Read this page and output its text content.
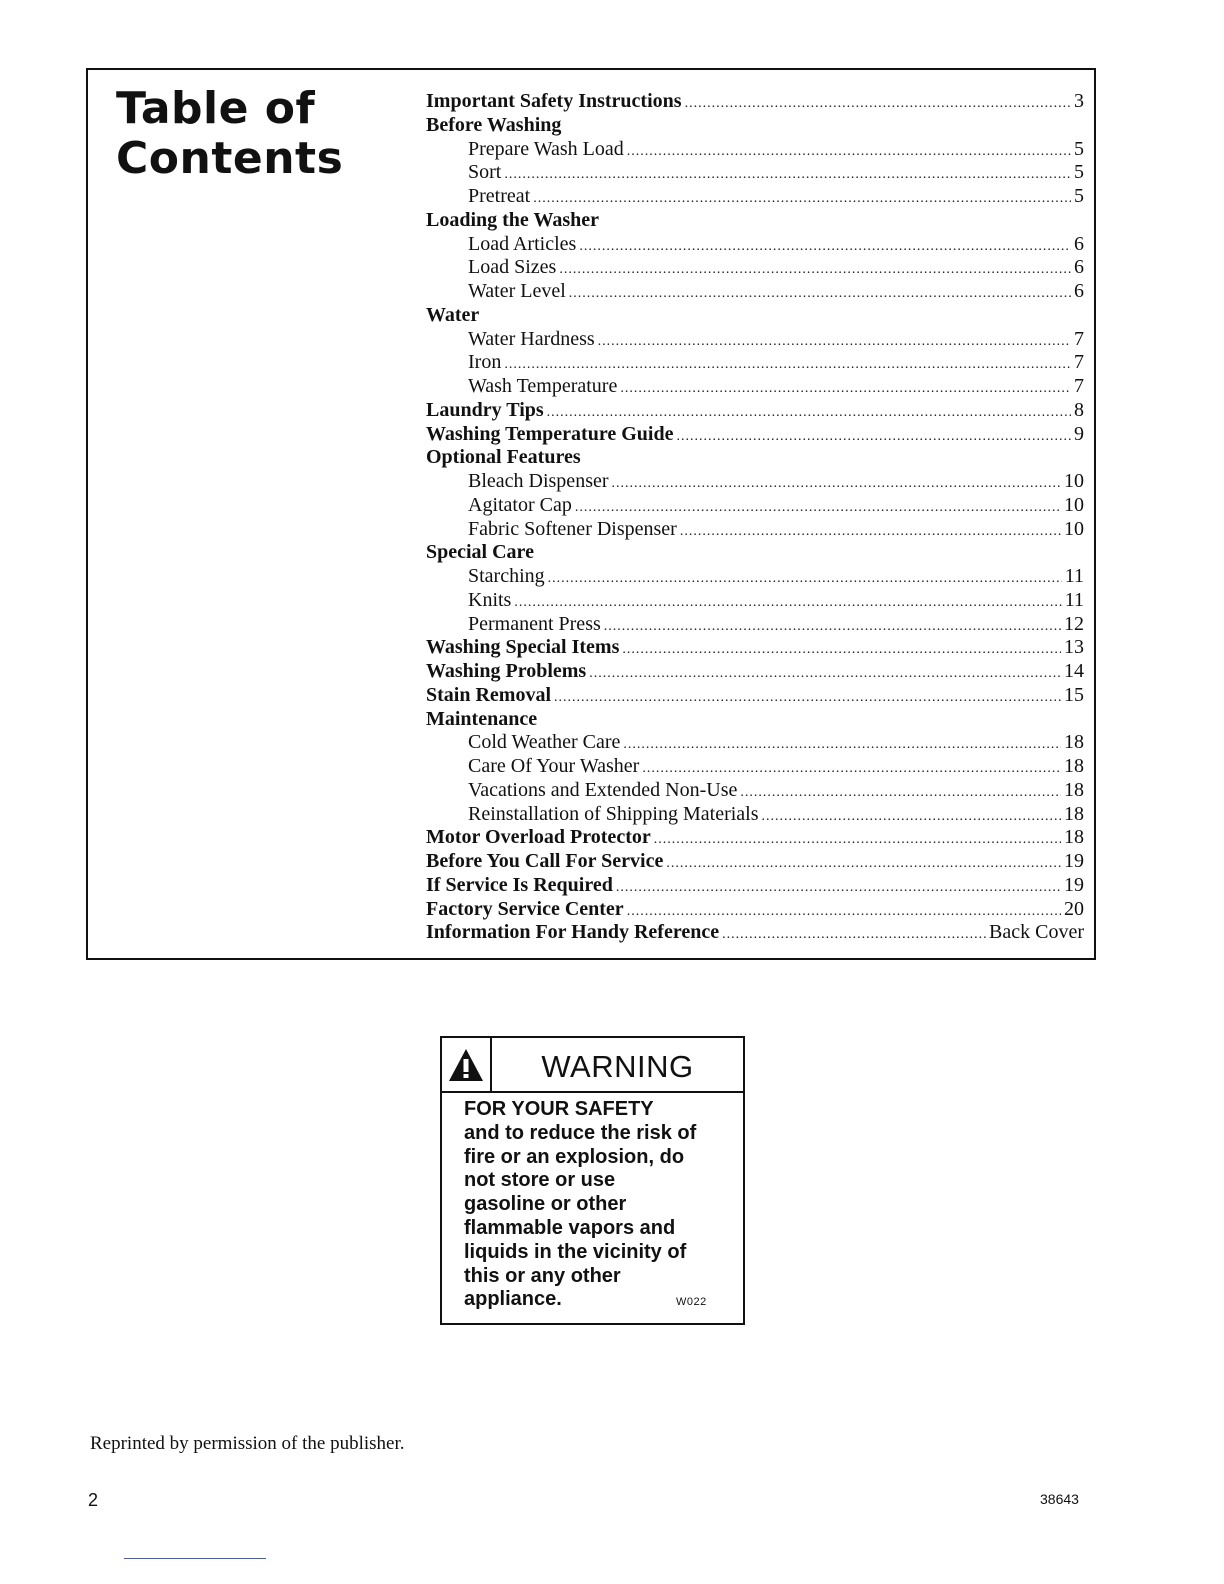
Table of
Contents
Important Safety Instructions .....	3
Before Washing
Prepare Wash Load .....	5
Sort .....	5
Pretreat .....	5
Loading the Washer
Load Articles .....	6
Load Sizes .....	6
Water Level .....	6
Water
Water Hardness .....	7
Iron .....	7
Wash Temperature .....	7
Laundry Tips .....	8
Washing Temperature Guide .....	9
Optional Features
Bleach Dispenser .....	10
Agitator Cap .....	10
Fabric Softener Dispenser .....	10
Special Care
Starching .....	11
Knits .....	11
Permanent Press .....	12
Washing Special Items .....	13
Washing Problems .....	14
Stain Removal .....	15
Maintenance
Cold Weather Care .....	18
Care Of Your Washer .....	18
Vacations and Extended Non-Use .....	18
Reinstallation of Shipping Materials .....	18
Motor Overload Protector .....	18
Before You Call For Service .....	19
If Service Is Required .....	19
Factory Service Center .....	20
Information For Handy Reference .....	Back Cover
WARNING

FOR YOUR SAFETY
and to reduce the risk of
fire or an explosion, do
not store or use
gasoline or other
flammable vapors and
liquids in the vicinity of
this or any other
appliance.	W022

Reprinted by permission of the publisher.

2	38643
